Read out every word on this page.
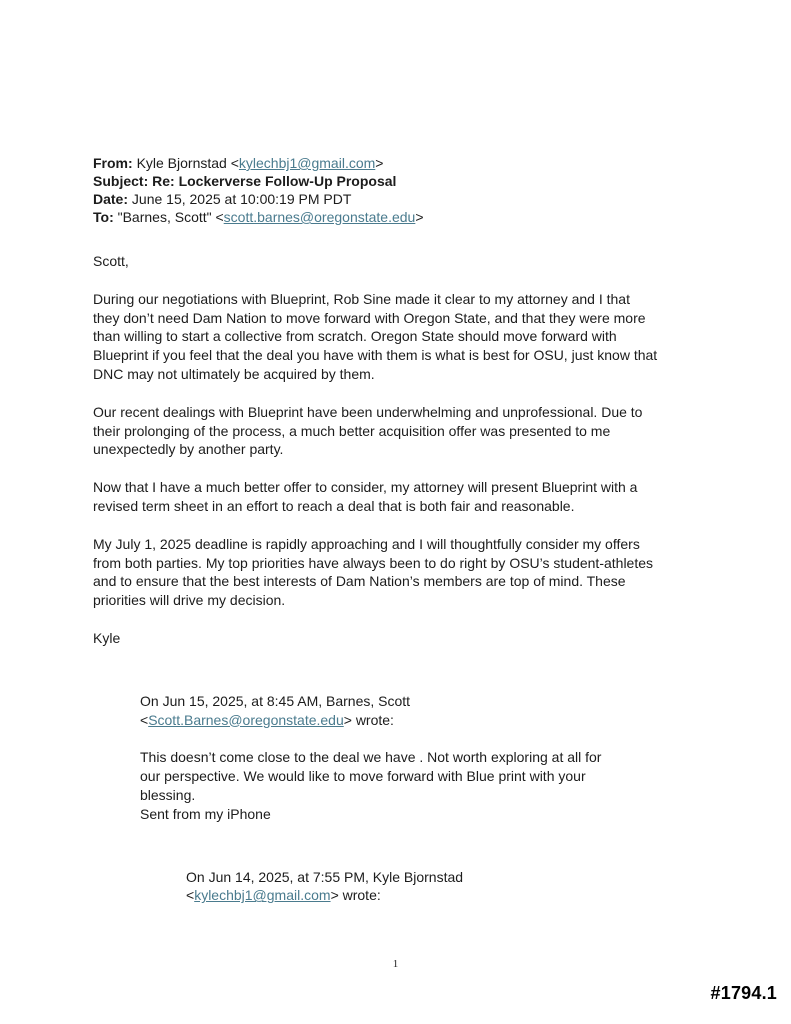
From: Kyle Bjornstad <kylechbj1@gmail.com>
Subject: Re: Lockerverse Follow-Up Proposal
Date: June 15, 2025 at 10:00:19 PM PDT
To: "Barnes, Scott" <scott.barnes@oregonstate.edu>

Scott,

During our negotiations with Blueprint, Rob Sine made it clear to my attorney and I that
they don’t need Dam Nation to move forward with Oregon State, and that they were more
than willing to start a collective from scratch. Oregon State should move forward with
Blueprint if you feel that the deal you have with them is what is best for OSU, just know that
DNC may not ultimately be acquired by them.

Our recent dealings with Blueprint have been underwhelming and unprofessional. Due to
their prolonging of the process, a much better acquisition offer was presented to me
unexpectedly by another party.

Now that I have a much better offer to consider, my attorney will present Blueprint with a
revised term sheet in an effort to reach a deal that is both fair and reasonable.

My July 1, 2025 deadline is rapidly approaching and I will thoughtfully consider my offers
from both parties. My top priorities have always been to do right by OSU’s student-athletes
and to ensure that the best interests of Dam Nation’s members are top of mind. These
priorities will drive my decision.

Kyle

On Jun 15, 2025, at 8:45 AM, Barnes, Scott
<Scott.Barnes@oregonstate.edu> wrote:
This doesn’t come close to the deal we have . Not worth exploring at all for
our perspective. We would like to move forward with Blue print with your
blessing.
Sent from my iPhone
On Jun 14, 2025, at 7:55 PM, Kyle Bjornstad
<kylechbj1@gmail.com> wrote:
1
#1794.1
